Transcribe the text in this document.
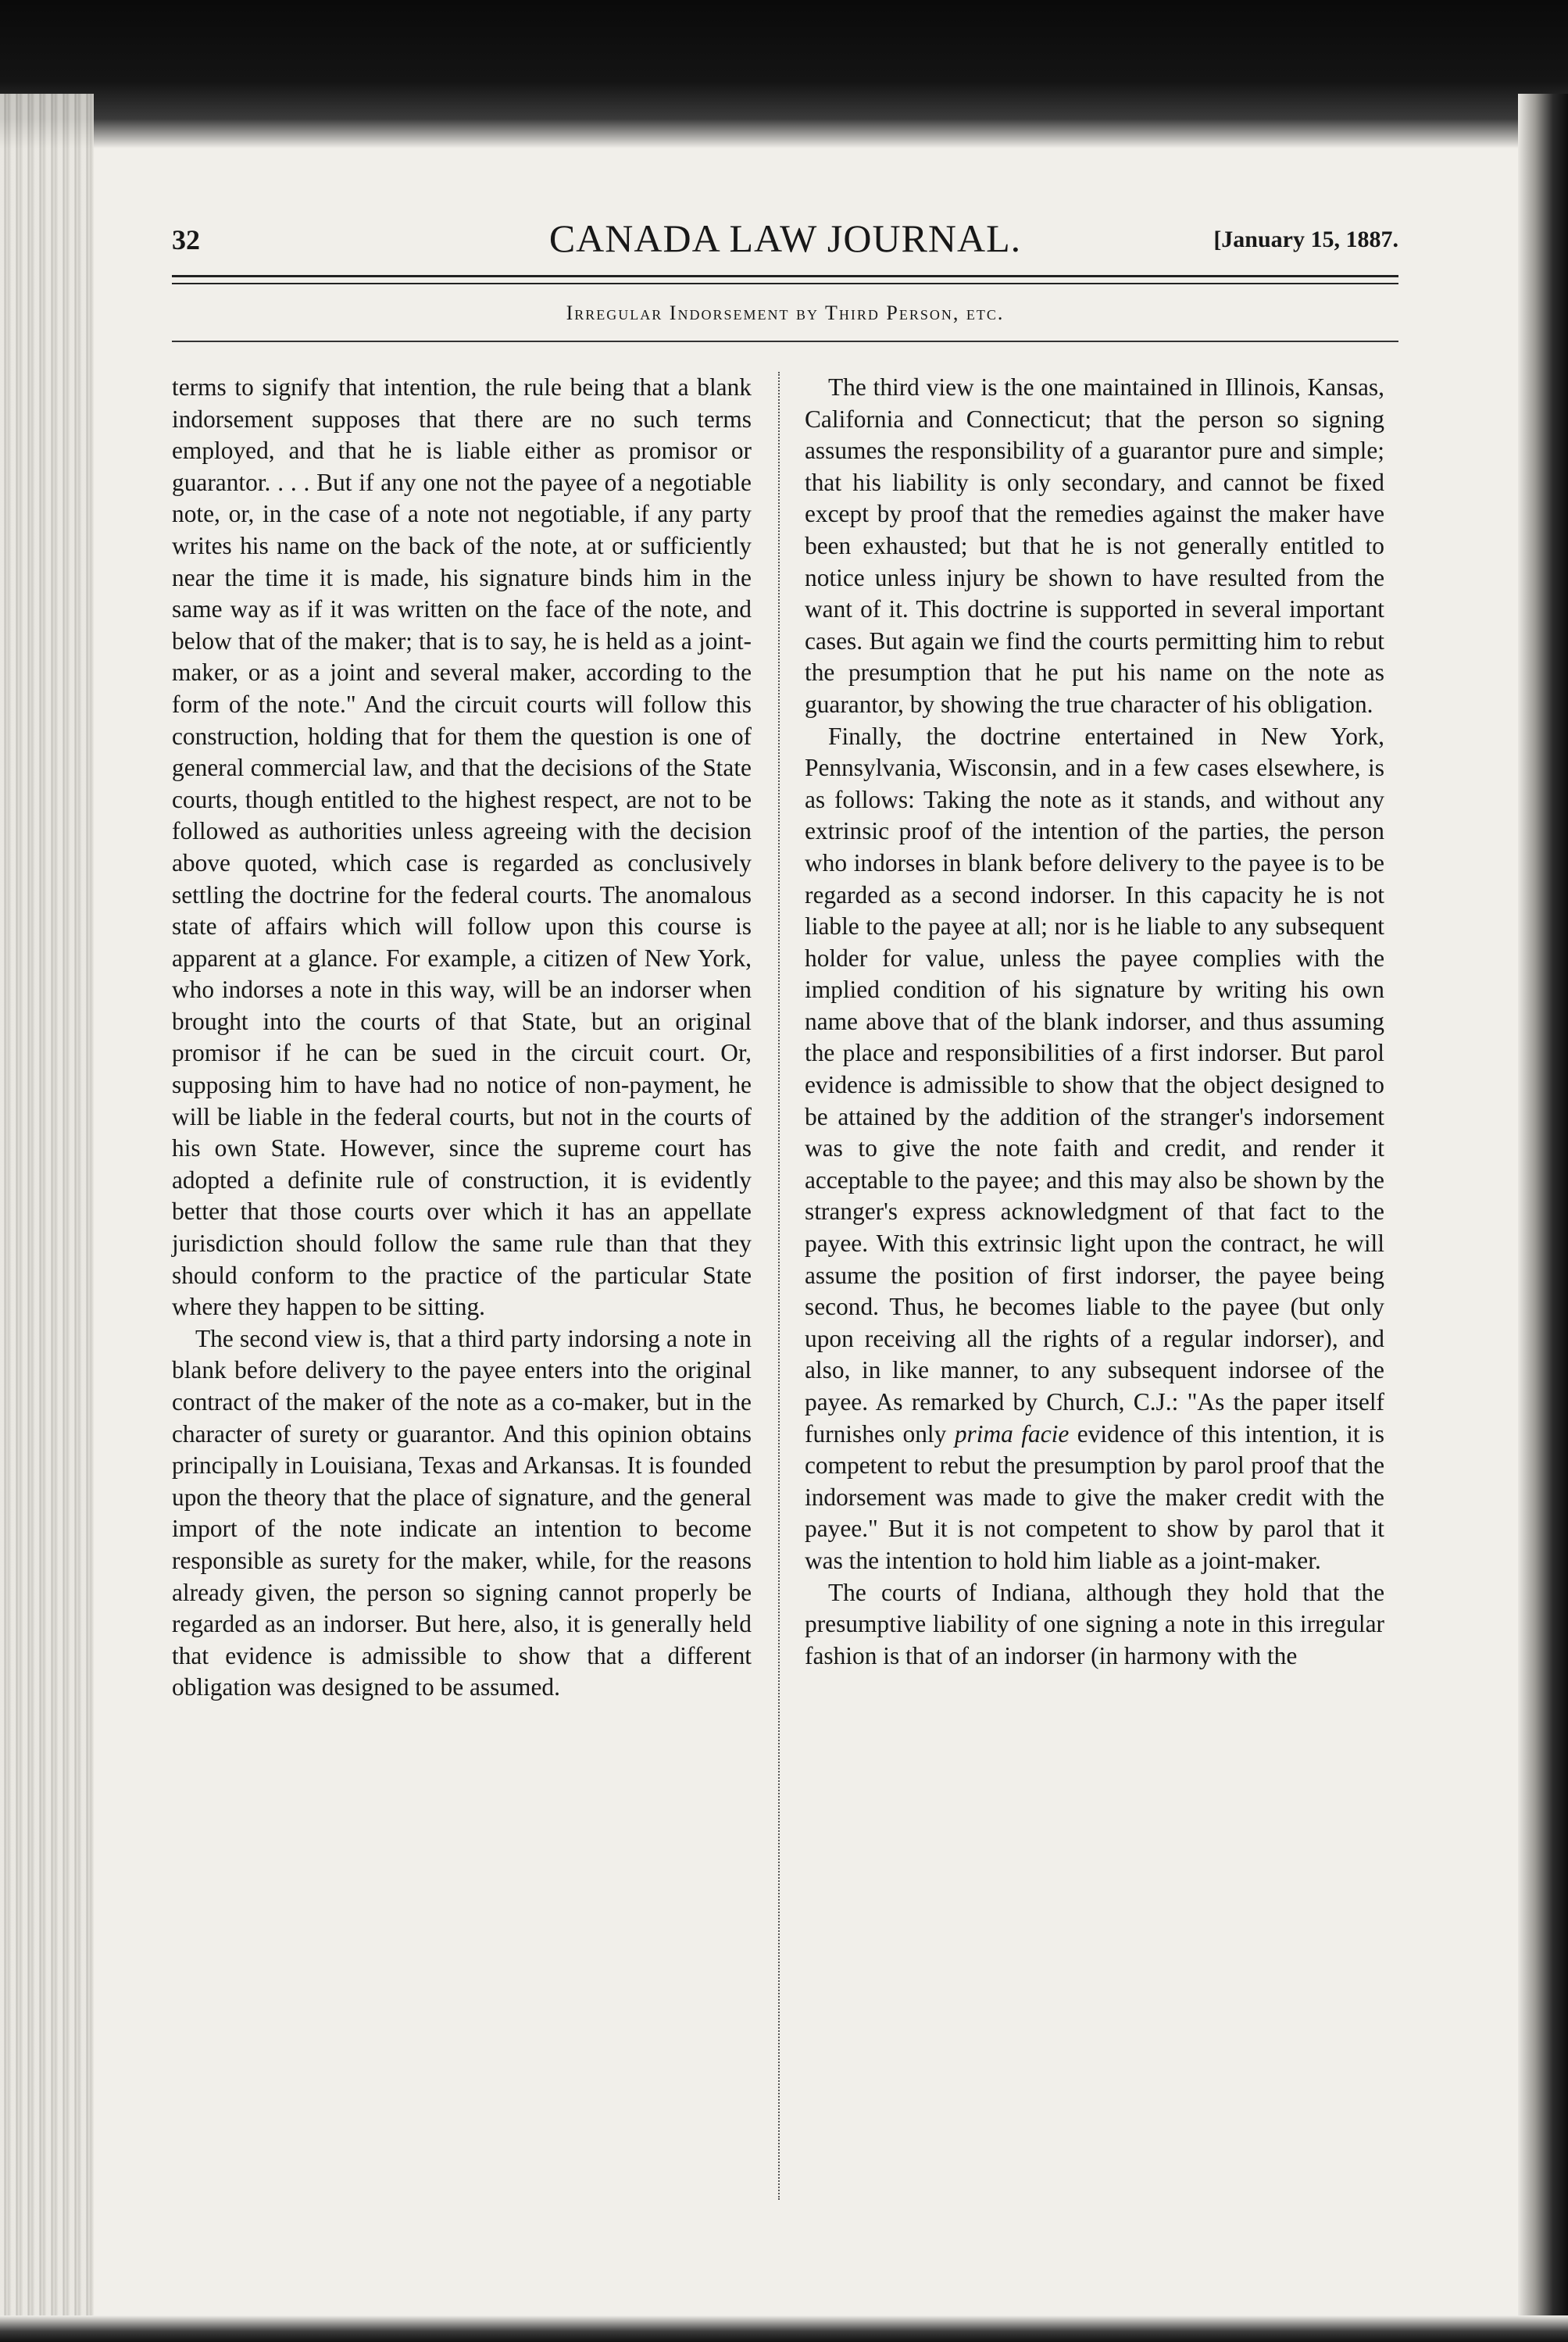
32	CANADA LAW JOURNAL.	[January 15, 1887.
Irregular Indorsement by Third Person, etc.

terms to signify that intention, the rule being that a blank indorsement supposes that there are no such terms employed, and that he is liable either as promisor or guarantor. . . . But if any one not the payee of a negotiable note, or, in the case of a note not negotiable, if any party writes his name on the back of the note, at or sufficiently near the time it is made, his signature binds him in the same way as if it was written on the face of the note, and below that of the maker; that is to say, he is held as a joint-maker, or as a joint and several maker, according to the form of the note." And the circuit courts will follow this construction, holding that for them the question is one of general commercial law, and that the decisions of the State courts, though entitled to the highest respect, are not to be followed as authorities unless agreeing with the decision above quoted, which case is regarded as conclusively settling the doctrine for the federal courts. The anomalous state of affairs which will follow upon this course is apparent at a glance. For example, a citizen of New York, who indorses a note in this way, will be an indorser when brought into the courts of that State, but an original promisor if he can be sued in the circuit court. Or, supposing him to have had no notice of non-payment, he will be liable in the federal courts, but not in the courts of his own State. However, since the supreme court has adopted a definite rule of construction, it is evidently better that those courts over which it has an appellate jurisdiction should follow the same rule than that they should conform to the practice of the particular State where they happen to be sitting.

The second view is, that a third party indorsing a note in blank before delivery to the payee enters into the original contract of the maker of the note as a co-maker, but in the character of surety or guarantor. And this opinion obtains principally in Louisiana, Texas and Arkansas. It is founded upon the theory that the place of signature, and the general import of the note indicate an intention to become responsible as surety for the maker, while, for the reasons already given, the person so signing cannot properly be regarded as an indorser. But here, also, it is generally held that evidence is admissible to show that a different obligation was designed to be assumed.

The third view is the one maintained in Illinois, Kansas, California and Connecticut; that the person so signing assumes the responsibility of a guarantor pure and simple; that his liability is only secondary, and cannot be fixed except by proof that the remedies against the maker have been exhausted; but that he is not generally entitled to notice unless injury be shown to have resulted from the want of it. This doctrine is supported in several important cases. But again we find the courts permitting him to rebut the presumption that he put his name on the note as guarantor, by showing the true character of his obligation.

Finally, the doctrine entertained in New York, Pennsylvania, Wisconsin, and in a few cases elsewhere, is as follows: Taking the note as it stands, and without any extrinsic proof of the intention of the parties, the person who indorses in blank before delivery to the payee is to be regarded as a second indorser. In this capacity he is not liable to the payee at all; nor is he liable to any subsequent holder for value, unless the payee complies with the implied condition of his signature by writing his own name above that of the blank indorser, and thus assuming the place and responsibilities of a first indorser. But parol evidence is admissible to show that the object designed to be attained by the addition of the stranger's indorsement was to give the note faith and credit, and render it acceptable to the payee; and this may also be shown by the stranger's express acknowledgment of that fact to the payee. With this extrinsic light upon the contract, he will assume the position of first indorser, the payee being second. Thus, he becomes liable to the payee (but only upon receiving all the rights of a regular indorser), and also, in like manner, to any subsequent indorsee of the payee. As remarked by Church, C.J.: "As the paper itself furnishes only prima facie evidence of this intention, it is competent to rebut the presumption by parol proof that the indorsement was made to give the maker credit with the payee." But it is not competent to show by parol that it was the intention to hold him liable as a joint-maker.

The courts of Indiana, although they hold that the presumptive liability of one signing a note in this irregular fashion is that of an indorser (in harmony with the
